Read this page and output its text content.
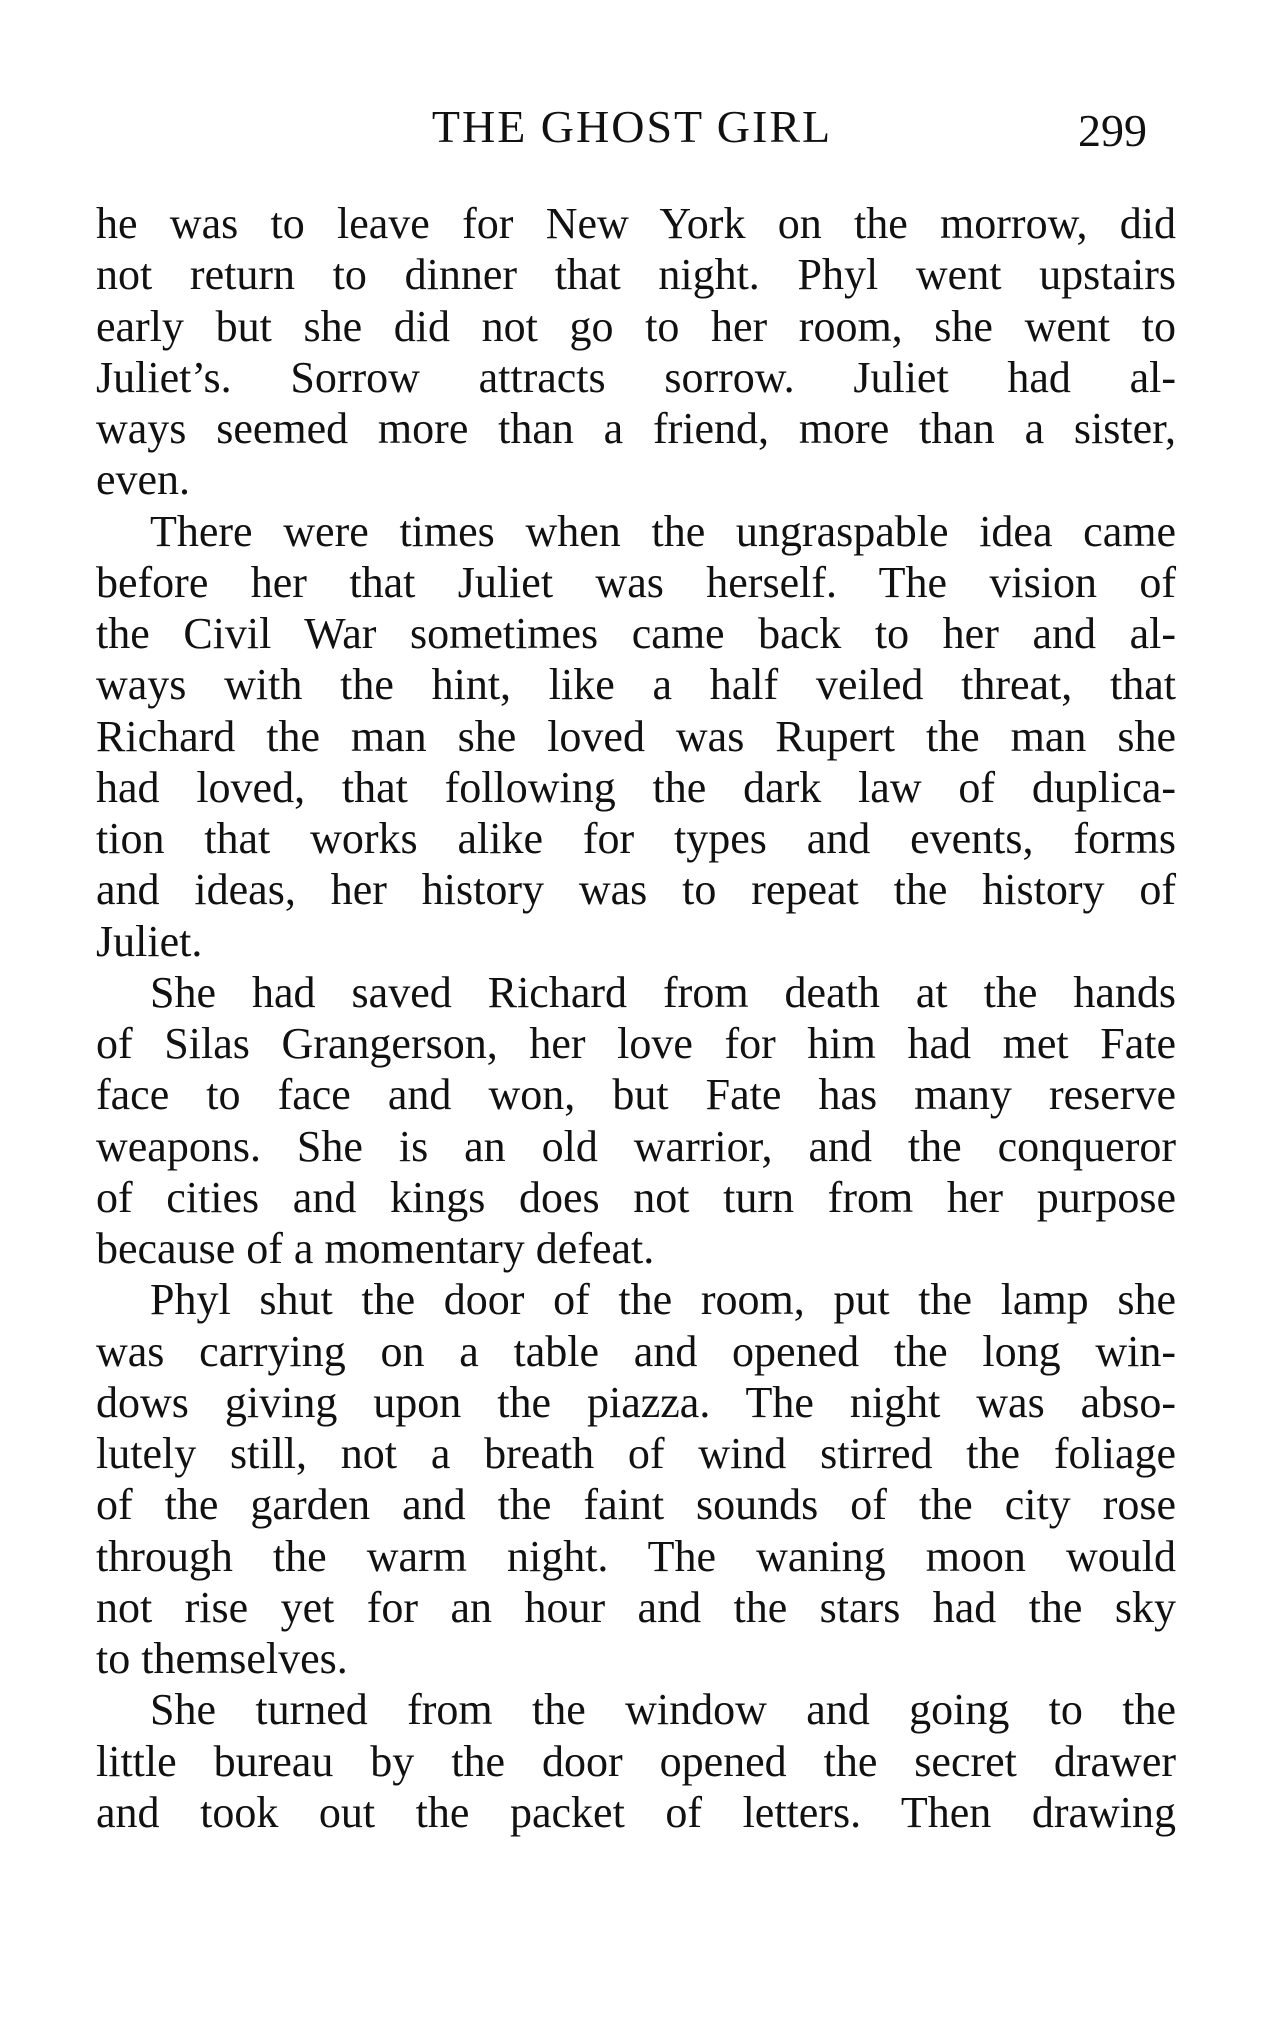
THE GHOST GIRL	299
he was to leave for New York on the morrow, did
not return to dinner that night. Phyl went upstairs
early but she did not go to her room, she went to
Juliet’s. Sorrow attracts sorrow. Juliet had al-
ways seemed more than a friend, more than a sister,
even.
There were times when the ungraspable idea came
before her that Juliet was herself. The vision of
the Civil War sometimes came back to her and al-
ways with the hint, like a half veiled threat, that
Richard the man she loved was Rupert the man she
had loved, that following the dark law of duplica-
tion that works alike for types and events, forms
and ideas, her history was to repeat the history of
Juliet.
She had saved Richard from death at the hands
of Silas Grangerson, her love for him had met Fate
face to face and won, but Fate has many reserve
weapons. She is an old warrior, and the conqueror
of cities and kings does not turn from her purpose
because of a momentary defeat.
Phyl shut the door of the room, put the lamp she
was carrying on a table and opened the long win-
dows giving upon the piazza. The night was abso-
lutely still, not a breath of wind stirred the foliage
of the garden and the faint sounds of the city rose
through the warm night. The waning moon would
not rise yet for an hour and the stars had the sky
to themselves.
She turned from the window and going to the
little bureau by the door opened the secret drawer
and took out the packet of letters. Then drawing
